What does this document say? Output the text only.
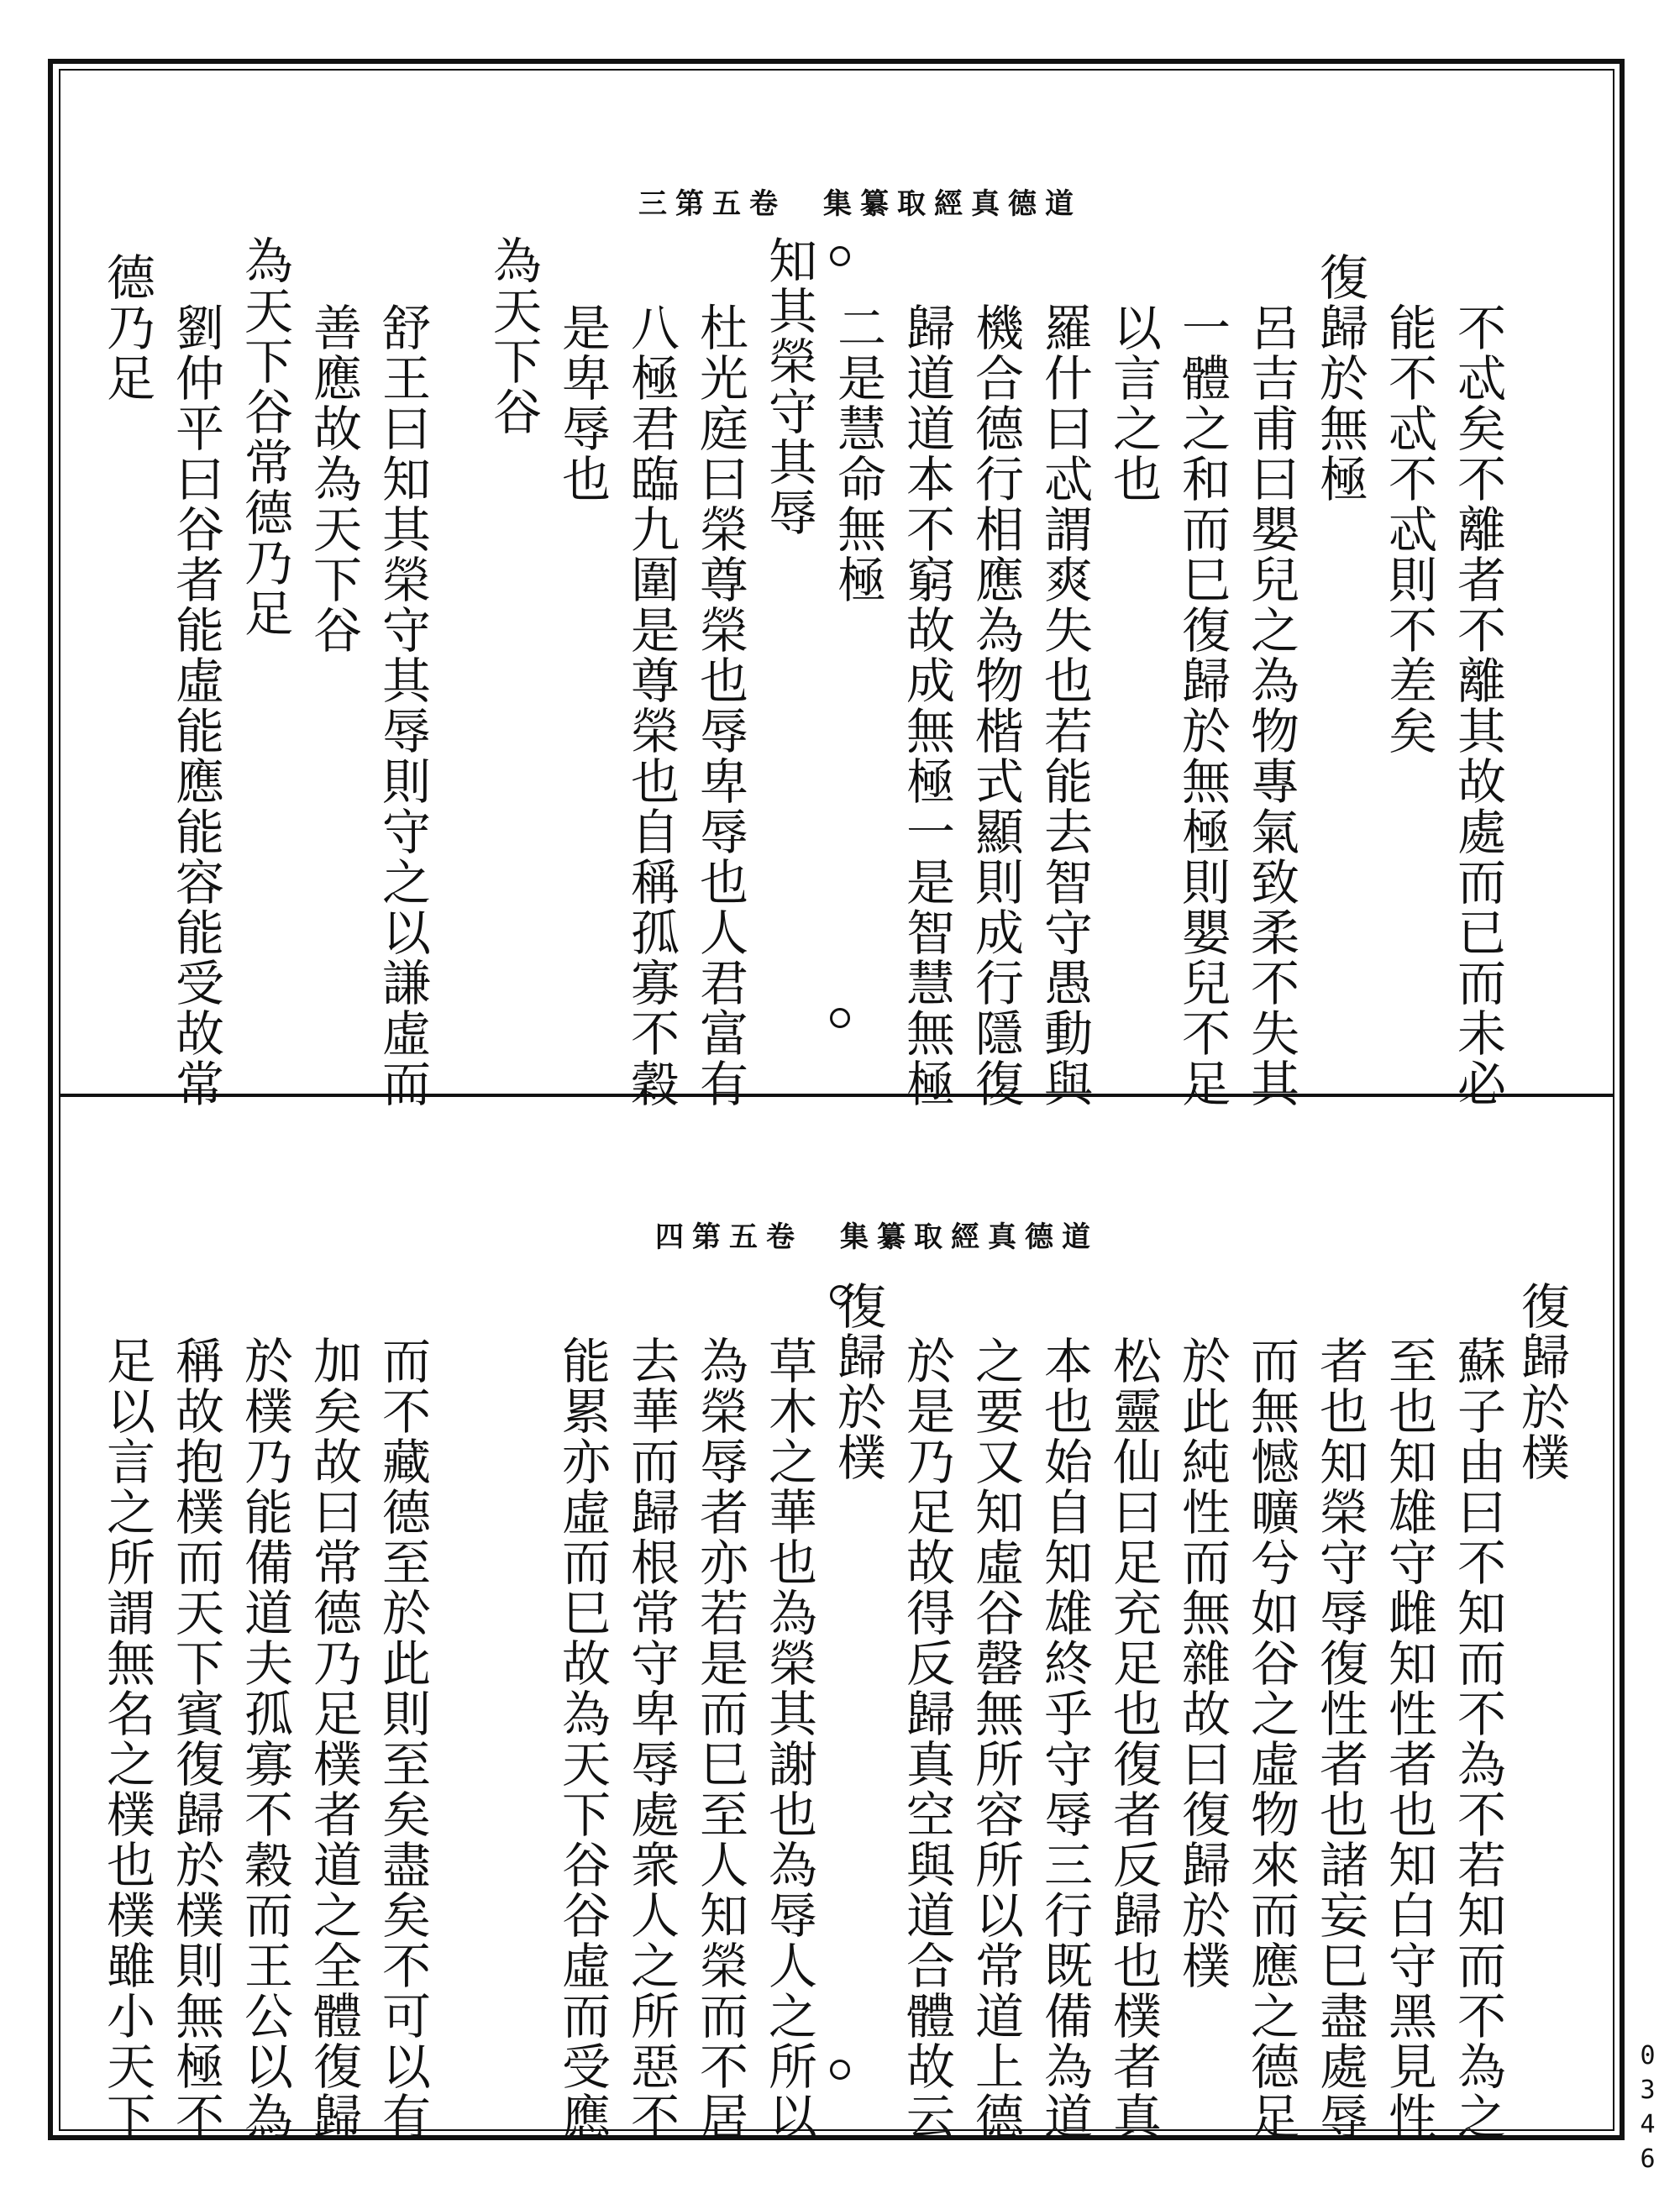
三第五卷　集纂取經真德道
不忒矣不離者不離其故處而已而未必
能不忒不忒則不差矣
復歸於無極
呂吉甫曰嬰兒之為物專氣致柔不失其
一體之和而巳復歸於無極則嬰兒不足
以言之也
羅什曰忒謂爽失也若能去智守愚動與
機合德行相應為物楷式顯則成行隱復
歸道道本不窮故成無極一是智慧無極
二是慧命無極
知其榮守其辱
杜光庭曰榮尊榮也辱卑辱也人君富有
八極君臨九圍是尊榮也自稱孤寡不穀
是卑辱也
為天下谷
舒王曰知其榮守其辱則守之以謙虛而
善應故為天下谷
為天下谷常德乃足
劉仲平曰谷者能虛能應能容能受故常
德乃足
四第五卷　集纂取經真德道
復歸於樸
蘇子由曰不知而不為不若知而不為之
至也知雄守雌知性者也知白守黑見性
者也知榮守辱復性者也諸妄巳盡處辱
而無憾曠兮如谷之虛物來而應之德足
於此純性而無雜故曰復歸於樸
松靈仙曰足充足也復者反歸也樸者真
本也始自知雄終乎守辱三行既備為道
之要又知虛谷罄無所容所以常道上德
於是乃足故得反歸真空與道合體故云
復歸於樸
草木之華也為榮其謝也為辱人之所以
為榮辱者亦若是而巳至人知榮而不居
去華而歸根常守卑辱處衆人之所惡不
能累亦虛而巳故為天下谷谷虛而受應
而不藏德至於此則至矣盡矣不可以有
加矣故曰常德乃足樸者道之全體復歸
於樸乃能備道夫孤寡不穀而王公以為
稱故抱樸而天下賓復歸於樸則無極不
足以言之所謂無名之樸也樸雖小天下	0346
